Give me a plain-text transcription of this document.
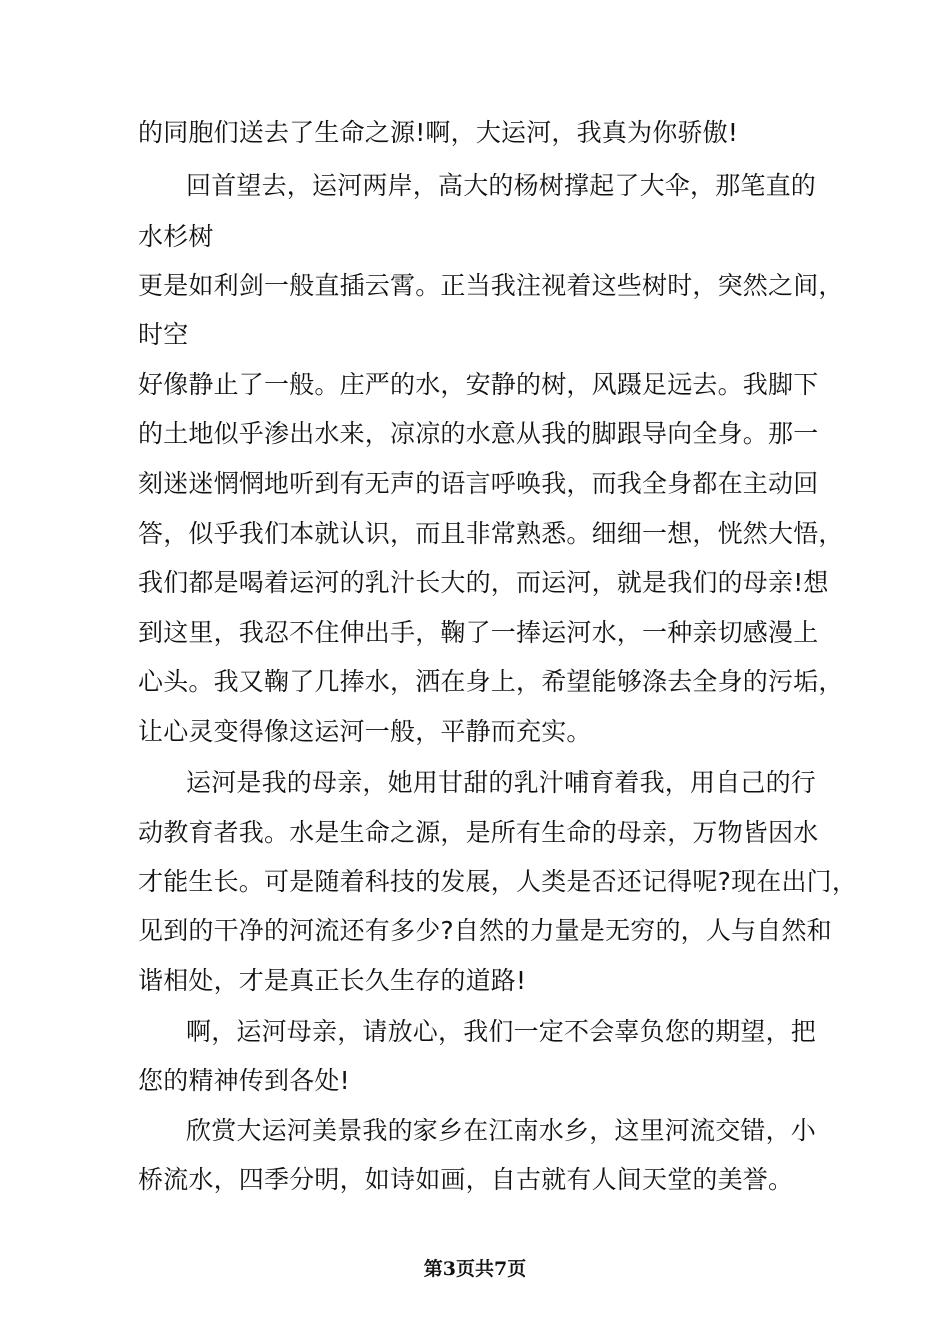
的同胞们送去了生命之源!啊，大运河，我真为你骄傲!
回首望去，运河两岸，高大的杨树撑起了大伞，那笔直的
水杉树
更是如利剑一般直插云霄。正当我注视着这些树时，突然之间，
时空
好像静止了一般。庄严的水，安静的树，风蹑足远去。我脚下
的土地似乎渗出水来，凉凉的水意从我的脚跟导向全身。那一
刻迷迷惘惘地听到有无声的语言呼唤我，而我全身都在主动回
答，似乎我们本就认识，而且非常熟悉。细细一想，恍然大悟，
我们都是喝着运河的乳汁长大的，而运河，就是我们的母亲!想
到这里，我忍不住伸出手，鞠了一捧运河水，一种亲切感漫上
心头。我又鞠了几捧水，洒在身上，希望能够涤去全身的污垢，
让心灵变得像这运河一般，平静而充实。
运河是我的母亲，她用甘甜的乳汁哺育着我，用自己的行
动教育者我。水是生命之源，是所有生命的母亲，万物皆因水
才能生长。可是随着科技的发展，人类是否还记得呢?现在出门，
见到的干净的河流还有多少?自然的力量是无穷的，人与自然和
谐相处，才是真正长久生存的道路!
啊，运河母亲，请放心，我们一定不会辜负您的期望，把
您的精神传到各处!
欣赏大运河美景我的家乡在江南水乡，这里河流交错，小
桥流水，四季分明，如诗如画，自古就有人间天堂的美誉。
第3页共7页
